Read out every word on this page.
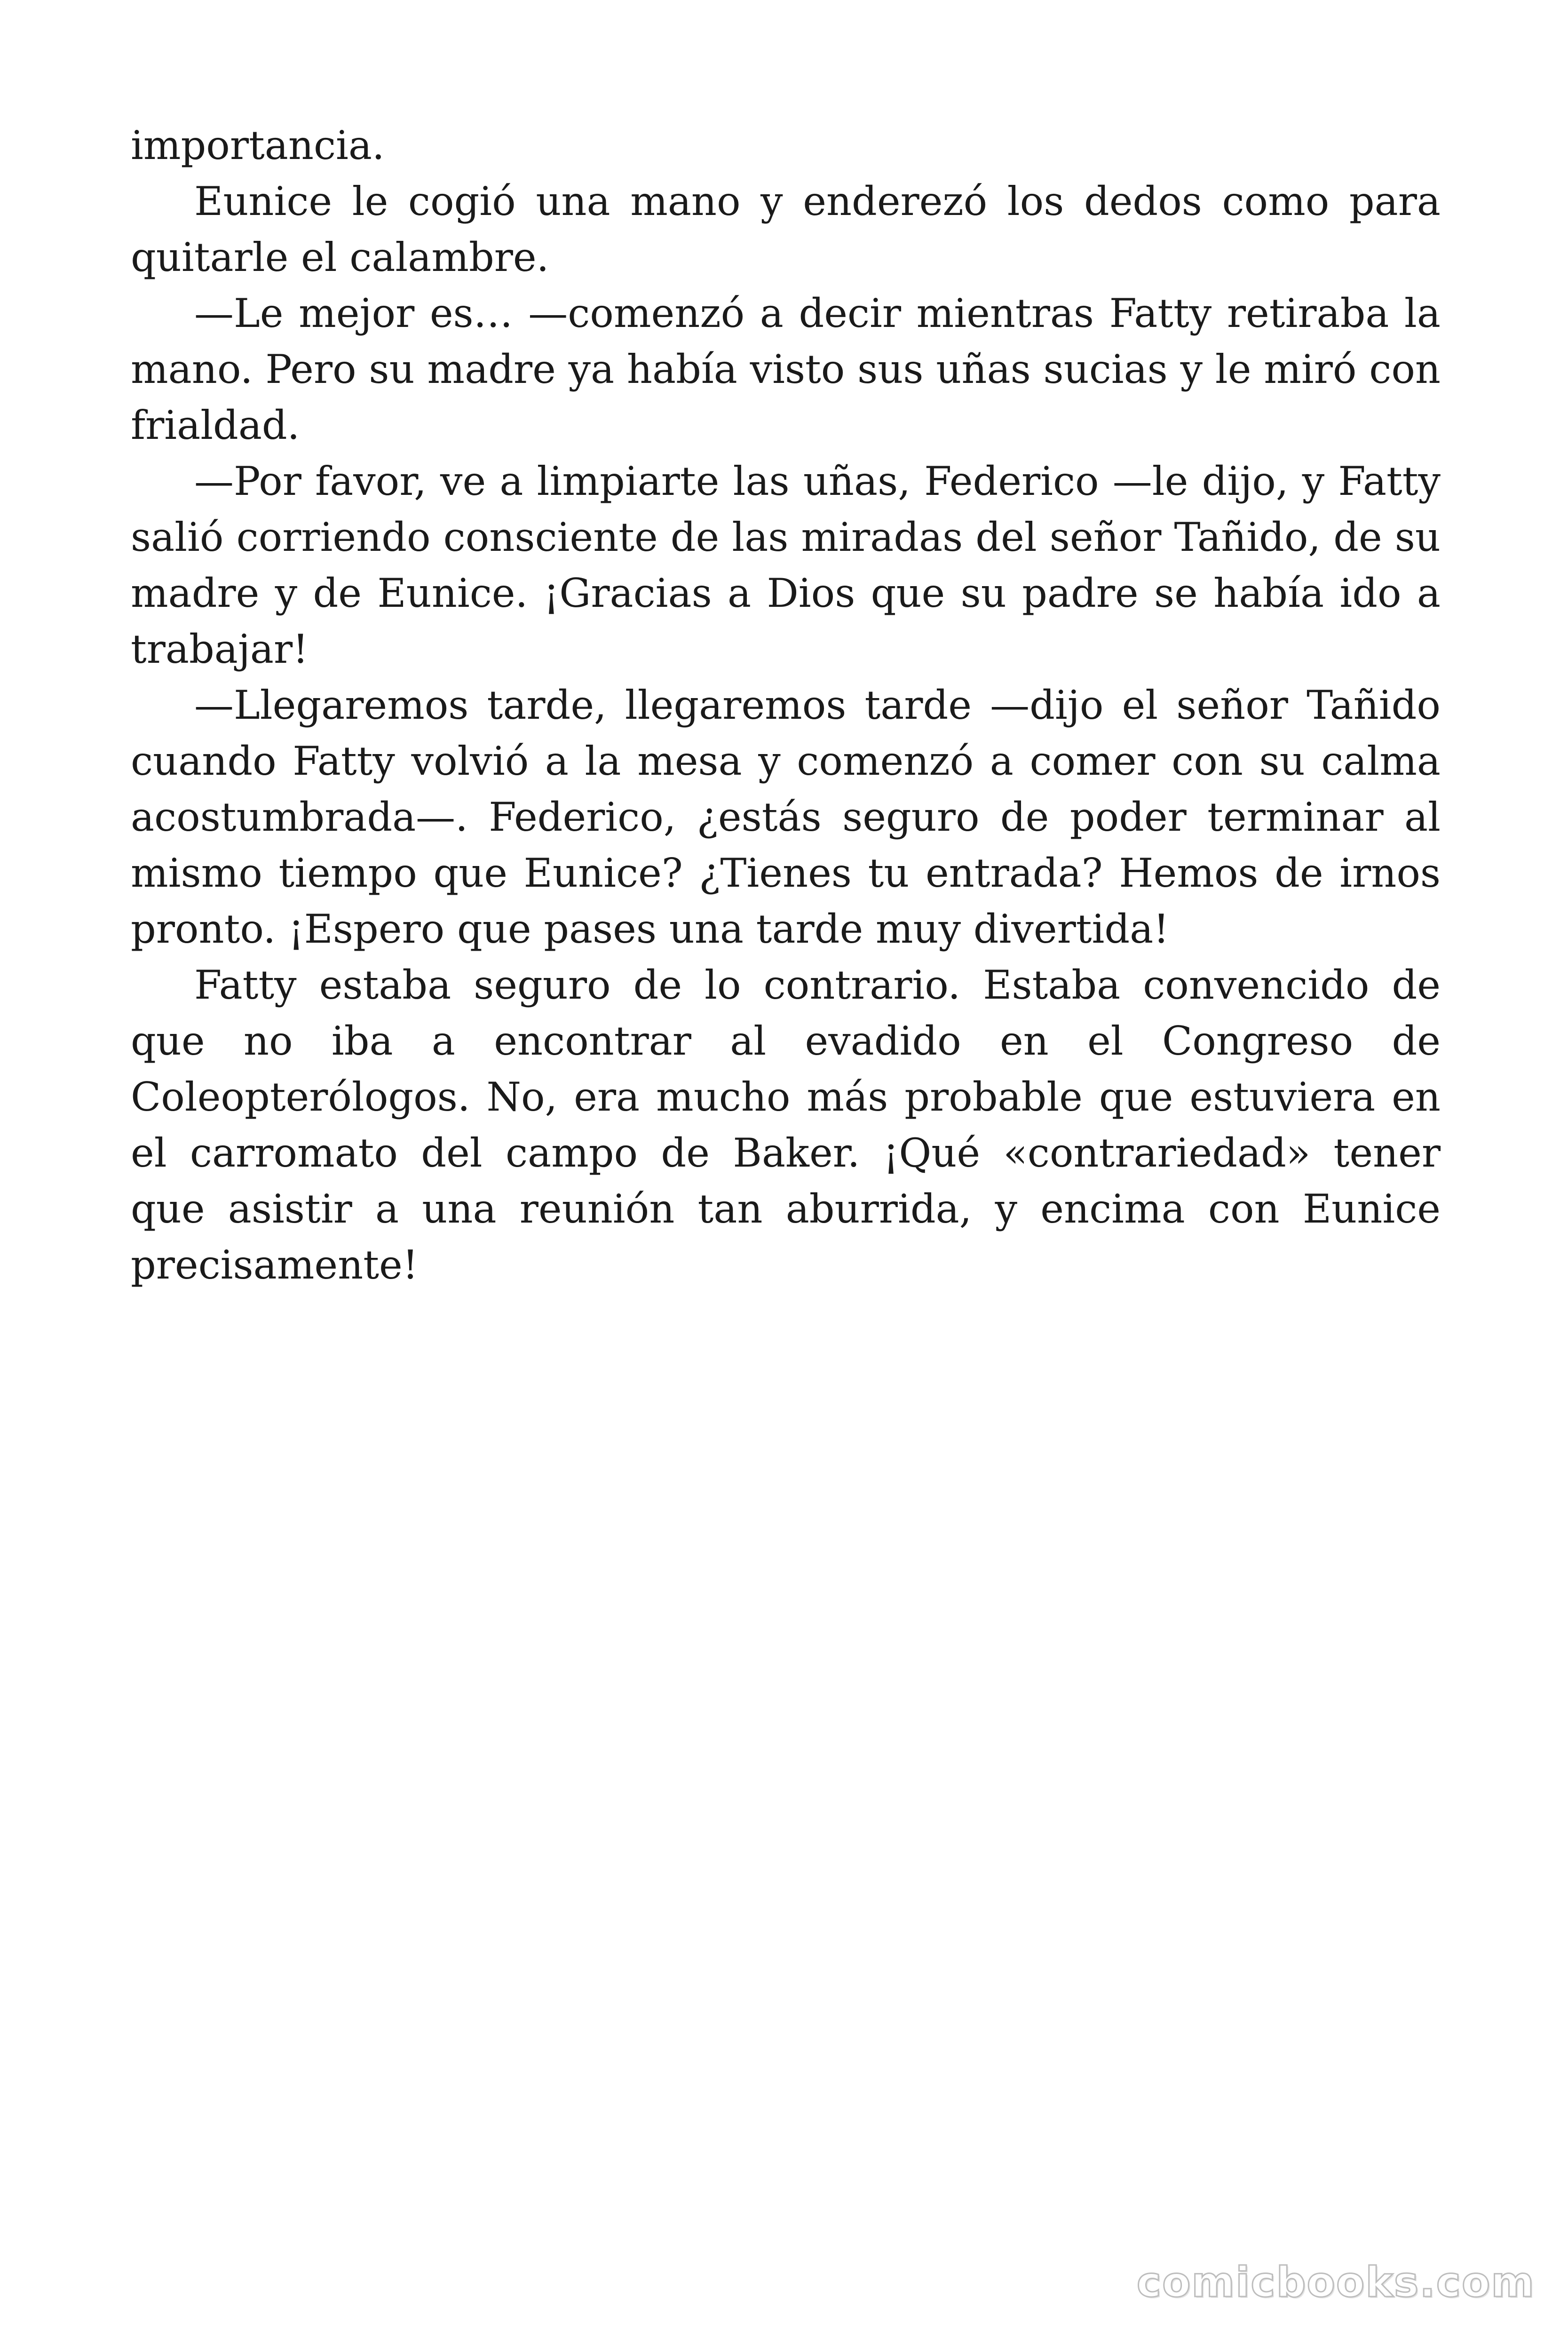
importancia.

Eunice le cogió una mano y enderezó los dedos como para quitarle el calambre.

—Le mejor es… —comenzó a decir mientras Fatty retiraba la mano. Pero su madre ya había visto sus uñas sucias y le miró con frialdad.

—Por favor, ve a limpiarte las uñas, Federico —le dijo, y Fatty salió corriendo consciente de las miradas del señor Tañido, de su madre y de Eunice. ¡Gracias a Dios que su padre se había ido a trabajar!

—Llegaremos tarde, llegaremos tarde —dijo el señor Tañido cuando Fatty volvió a la mesa y comenzó a comer con su calma acostumbrada—. Federico, ¿estás seguro de poder terminar al mismo tiempo que Eunice? ¿Tienes tu entrada? Hemos de irnos pronto. ¡Espero que pases una tarde muy divertida!

Fatty estaba seguro de lo contrario. Estaba convencido de que no iba a encontrar al evadido en el Congreso de Coleopterólogos. No, era mucho más probable que estuviera en el carromato del campo de Baker. ¡Qué «contrariedad» tener que asistir a una reunión tan aburrida, y encima con Eunice precisamente!

comicbooks.com
